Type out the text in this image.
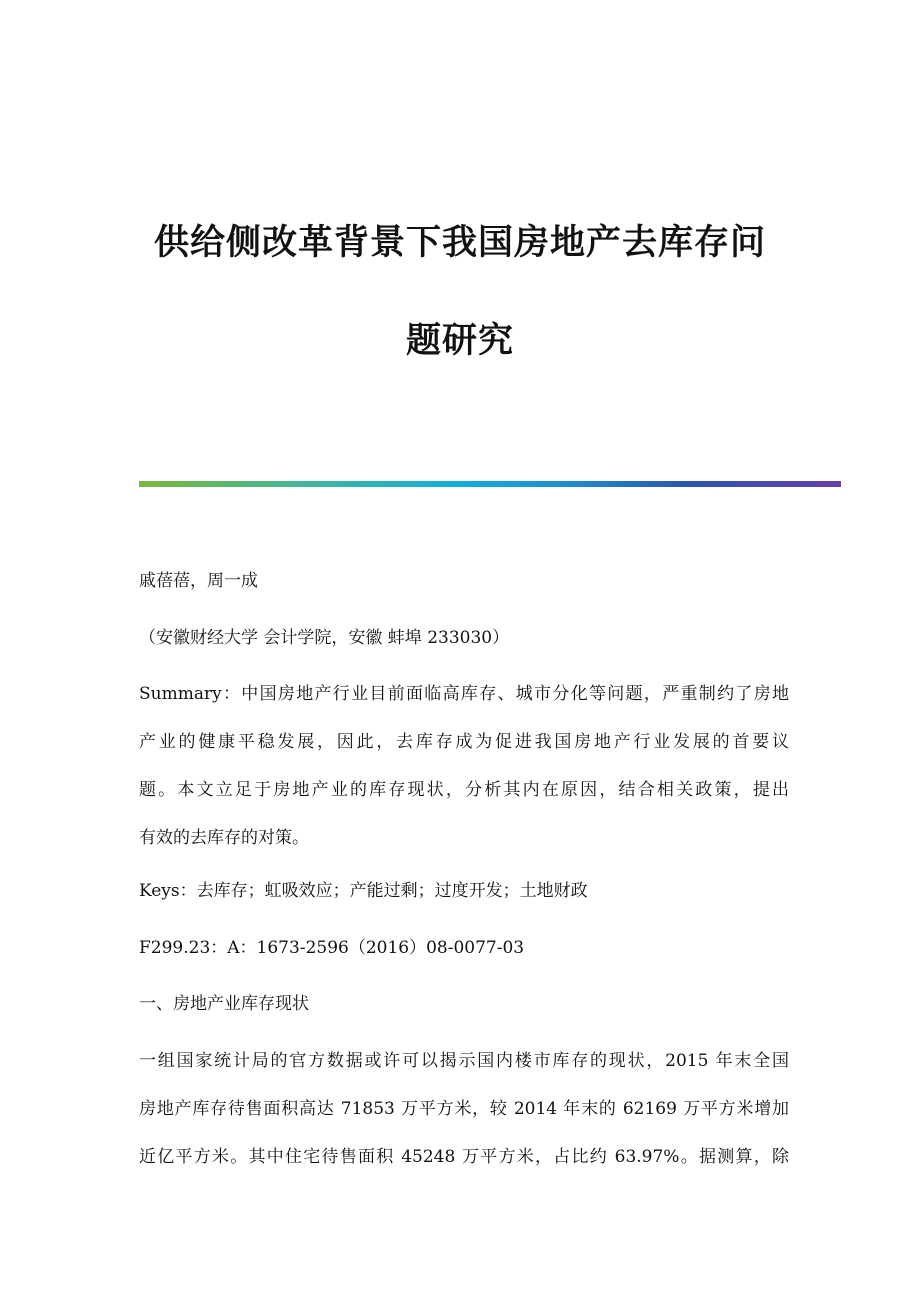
供给侧改革背景下我国房地产去库存问
题研究
戚蓓蓓，周一成
（安徽财经大学 会计学院，安徽 蚌埠 233030）
Summary：中国房地产行业目前面临高库存、城市分化等问题，严重制约了房地
产业的健康平稳发展，因此，去库存成为促进我国房地产行业发展的首要议
题。本文立足于房地产业的库存现状，分析其内在原因，结合相关政策，提出
有效的去库存的对策。
Keys：去库存；虹吸效应；产能过剩；过度开发；土地财政
F299.23：A：1673-2596（2016）08-0077-03
一、房地产业库存现状
一组国家统计局的官方数据或许可以揭示国内楼市库存的现状，2015 年末全国
房地产库存待售面积高达 71853 万平方米，较 2014 年末的 62169 万平方米增加
近亿平方米。其中住宅待售面积 45248 万平方米，占比约 63.97%。据测算，除
